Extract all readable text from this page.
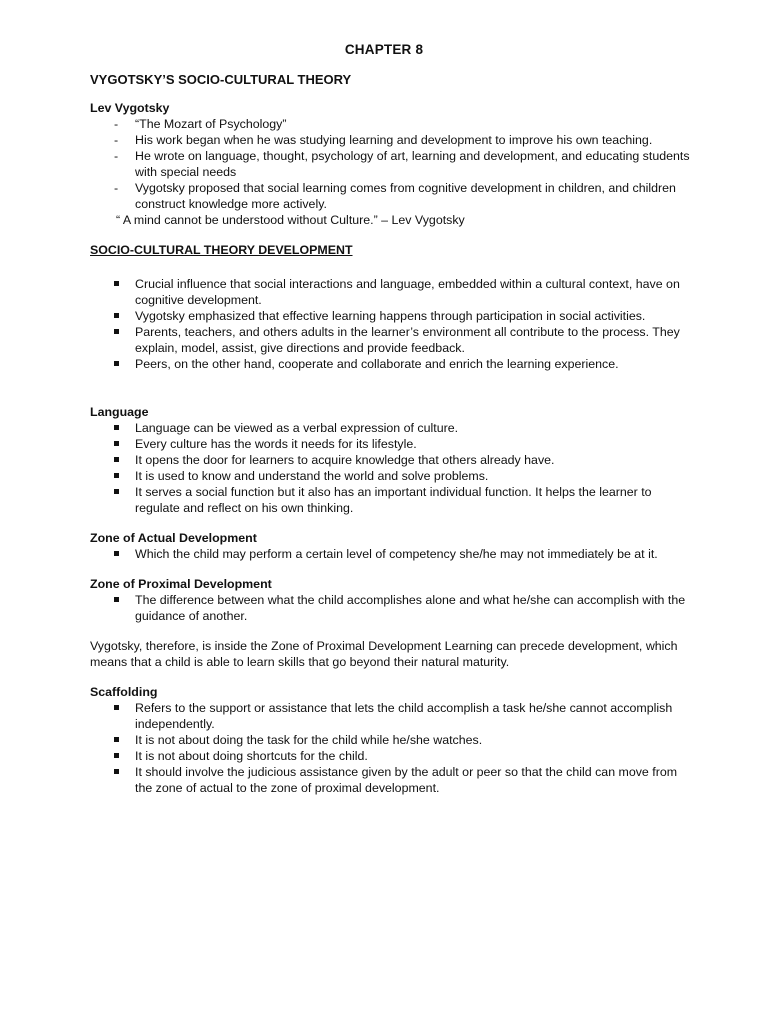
CHAPTER 8
VYGOTSKY’S SOCIO-CULTURAL THEORY

Lev Vygotsky

- “The Mozart of Psychology”
- His work began when he was studying learning and development to improve his own teaching.
- He wrote on language, thought, psychology of art, learning and development, and educating students with special needs
- Vygotsky proposed that social learning comes from cognitive development in children, and children construct knowledge more actively.

“ A mind cannot be understood without Culture.” – Lev Vygotsky

SOCIO-CULTURAL THEORY DEVELOPMENT

Crucial influence that social interactions and language, embedded within a cultural context, have on cognitive development.
Vygotsky emphasized that effective learning happens through participation in social activities.
Parents, teachers, and others adults in the learner’s environment all contribute to the process. They explain, model, assist, give directions and provide feedback.
Peers, on the other hand, cooperate and collaborate and enrich the learning experience.

Language

Language can be viewed as a verbal expression of culture.
Every culture has the words it needs for its lifestyle.
It opens the door for learners to acquire knowledge that others already have.
It is used to know and understand the world and solve problems.
It serves a social function but it also has an important individual function. It helps the learner to regulate and reflect on his own thinking.

Zone of Actual Development

Which the child may perform a certain level of competency she/he may not immediately be at it.

Zone of Proximal Development

The difference between what the child accomplishes alone and what he/she can accomplish with the guidance of another.

Vygotsky, therefore, is inside the Zone of Proximal Development Learning can precede development, which means that a child is able to learn skills that go beyond their natural maturity.

Scaffolding

Refers to the support or assistance that lets the child accomplish a task he/she cannot accomplish independently.
It is not about doing the task for the child while he/she watches.
It is not about doing shortcuts for the child.
It should involve the judicious assistance given by the adult or peer so that the child can move from the zone of actual to the zone of proximal development.
